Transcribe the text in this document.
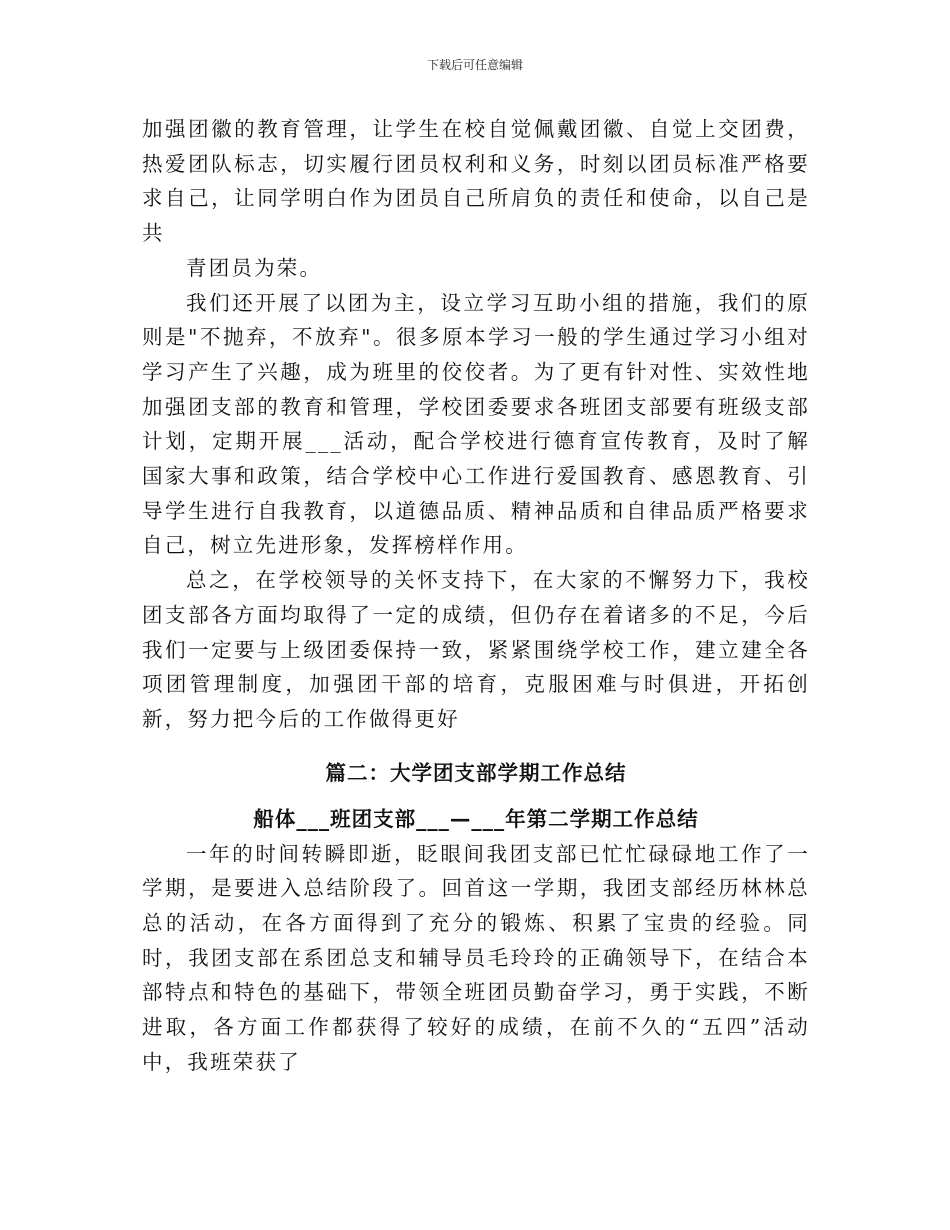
下载后可任意编辑

加强团徽的教育管理，让学生在校自觉佩戴团徽、自觉上交团费，热爱团队标志，切实履行团员权利和义务，时刻以团员标准严格要求自己，让同学明白作为团员自己所肩负的责任和使命，以自己是共

青团员为荣。

我们还开展了以团为主，设立学习互助小组的措施，我们的原则是"不抛弃，不放弃"。很多原本学习一般的学生通过学习小组对学习产生了兴趣，成为班里的佼佼者。为了更有针对性、实效性地加强团支部的教育和管理，学校团委要求各班团支部要有班级支部计划，定期开展___活动，配合学校进行德育宣传教育，及时了解国家大事和政策，结合学校中心工作进行爱国教育、感恩教育、引导学生进行自我教育，以道德品质、精神品质和自律品质严格要求自己，树立先进形象，发挥榜样作用。

总之，在学校领导的关怀支持下，在大家的不懈努力下，我校团支部各方面均取得了一定的成绩，但仍存在着诸多的不足，今后我们一定要与上级团委保持一致，紧紧围绕学校工作，建立建全各项团管理制度，加强团干部的培育，克服困难与时俱进，开拓创新，努力把今后的工作做得更好

篇二：大学团支部学期工作总结
船体___班团支部___—___年第二学期工作总结

一年的时间转瞬即逝，眨眼间我团支部已忙忙碌碌地工作了一学期，是要进入总结阶段了。回首这一学期，我团支部经历林林总总的活动，在各方面得到了充分的锻炼、积累了宝贵的经验。同时，我团支部在系团总支和辅导员毛玲玲的正确领导下，在结合本部特点和特色的基础下，带领全班团员勤奋学习，勇于实践，不断进取，各方面工作都获得了较好的成绩，在前不久的“五四”活动中，我班荣获了
